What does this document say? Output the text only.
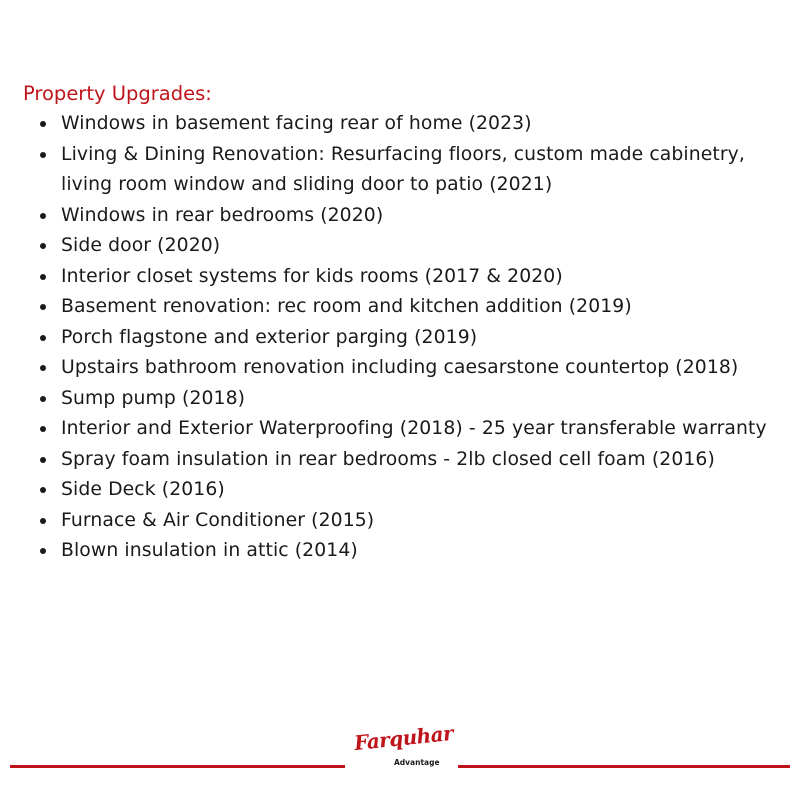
Property Upgrades:
Windows in basement facing rear of home (2023)
Living & Dining Renovation: Resurfacing floors, custom made cabinetry, living room window and sliding door to patio (2021)
Windows in rear bedrooms (2020)
Side door (2020)
Interior closet systems for kids rooms (2017 & 2020)
Basement renovation: rec room and kitchen addition (2019)
Porch flagstone and exterior parging (2019)
Upstairs bathroom renovation including caesarstone countertop (2018)
Sump pump (2018)
Interior and Exterior Waterproofing (2018) - 25 year transferable warranty
Spray foam insulation in rear bedrooms - 2lb closed cell foam (2016)
Side Deck (2016)
Furnace & Air Conditioner (2015)
Blown insulation in attic (2014)
Farquhar
Advantage
